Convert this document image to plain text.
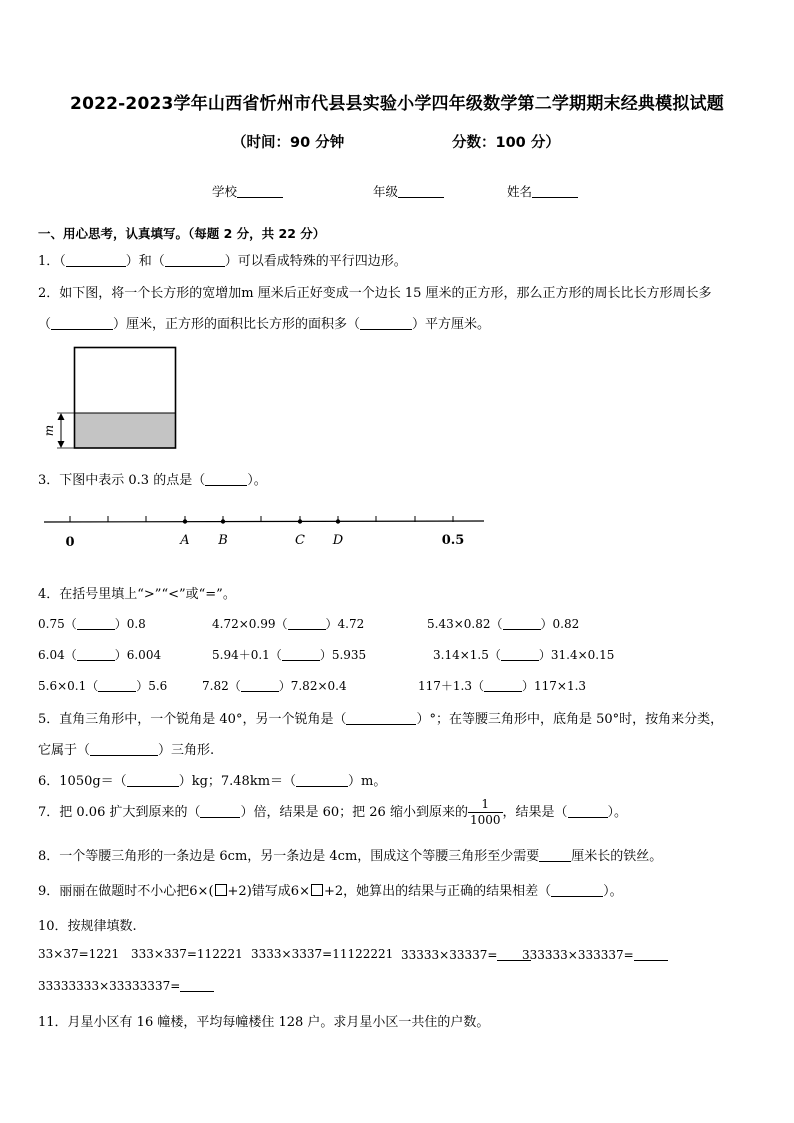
2022-2023学年山西省忻州市代县县实验小学四年级数学第二学期期末经典模拟试题
（时间：90 分钟	分数：100 分）
学校	年级	姓名
一、用心思考，认真填写。（每题 2 分，共 22 分）
1．（	）和（	）可以看成特殊的平行四边形。
2．如下图，将一个长方形的宽增加m 厘米后正好变成一个边长 15 厘米的正方形，那么正方形的周长比长方形周长多
（	）厘米，正方形的面积比长方形的面积多（	）平方厘米。
m
3．下图中表示 0.3 的点是（	）。
0	A B	C D	0.5
4．在括号里填上“>”“<”或“=”。
0.75（	）0.8	4.72×0.99（	）4.72	5.43×0.82（	）0.82
6.04（	）6.004	5.94＋0.1（	）5.935	3.14×1.5（	）31.4×0.15
5.6×0.1（	）5.6	7.82（	）7.82×0.4	117＋1.3（	）117×1.3
5．直角三角形中，一个锐角是 40°，另一个锐角是（	）°；在等腰三角形中，底角是 50°时，按角来分类，
它属于（	）三角形.
6．1050g＝（	）kg；7.48km＝（	）m。
7．把 0.06 扩大到原来的（	）倍，结果是 60；把 26 缩小到原来的 $\frac{1}{1000}$ ，结果是（	）。
8．一个等腰三角形的一条边是 6cm，另一条边是 4cm，围成这个等腰三角形至少需要 厘米长的铁丝。
9．丽丽在做题时不小心把6×( +2)错写成6× +2，她算出的结果与正确的结果相差（	）。
10．按规律填数.
33×37=1221 333×337=112221 3333×3337=11122221 33333×33337=	333333×333337=
33333333×33333337=
11．月星小区有 16 幢楼，平均每幢楼住 128 户。求月星小区一共住的户数。
